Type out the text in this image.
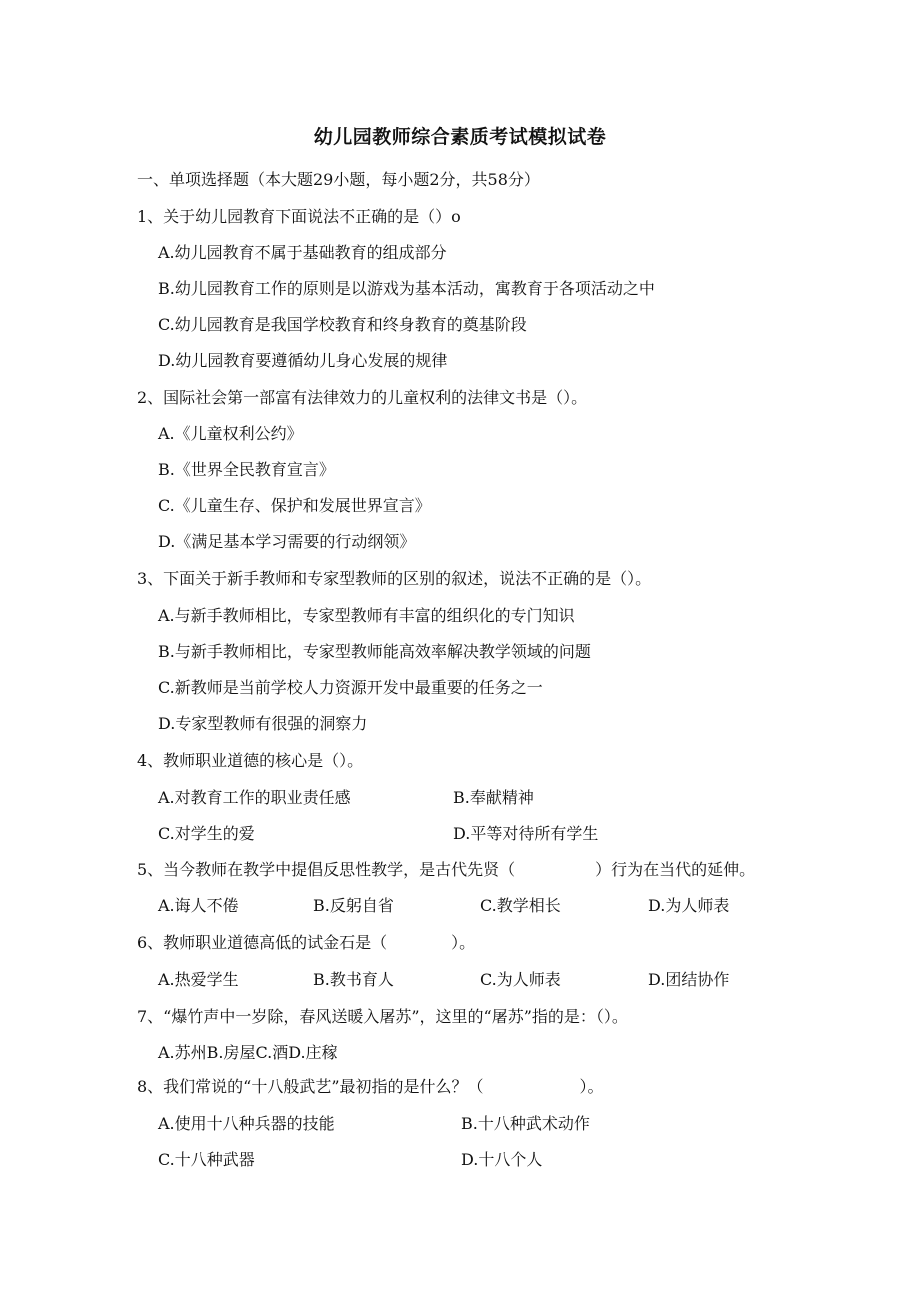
幼儿园教师综合素质考试模拟试卷
一、单项选择题（本大题29小题，每小题2分，共58分）
1、关于幼儿园教育下面说法不正确的是（）o
A.幼儿园教育不属于基础教育的组成部分
B.幼儿园教育工作的原则是以游戏为基本活动，寓教育于各项活动之中
C.幼儿园教育是我国学校教育和终身教育的奠基阶段
D.幼儿园教育要遵循幼儿身心发展的规律
2、国际社会第一部富有法律效力的儿童权利的法律文书是（）。
A.《儿童权利公约》
B.《世界全民教育宣言》
C.《儿童生存、保护和发展世界宣言》
D.《满足基本学习需要的行动纲领》
3、下面关于新手教师和专家型教师的区别的叙述，说法不正确的是（）。
A.与新手教师相比，专家型教师有丰富的组织化的专门知识
B.与新手教师相比，专家型教师能高效率解决教学领域的问题
C.新教师是当前学校人力资源开发中最重要的任务之一
D.专家型教师有很强的洞察力
4、教师职业道德的核心是（）。
A.对教育工作的职业责任感	B.奉献精神
C.对学生的爱	D.平等对待所有学生
5、当今教师在教学中提倡反思性教学，是古代先贤（　　　　　）行为在当代的延伸。
A.诲人不倦	B.反躬自省	C.教学相长	D.为人师表
6、教师职业道德高低的试金石是（　　　　）。
A.热爱学生	B.教书育人	C.为人师表	D.团结协作
7、“爆竹声中一岁除，春风送暖入屠苏”，这里的“屠苏”指的是：（）。
A.苏州B.房屋C.酒D.庄稼
8、我们常说的“十八般武艺”最初指的是什么？（　　　　　　）。
A.使用十八种兵器的技能	B.十八种武术动作
C.十八种武器	D.十八个人
